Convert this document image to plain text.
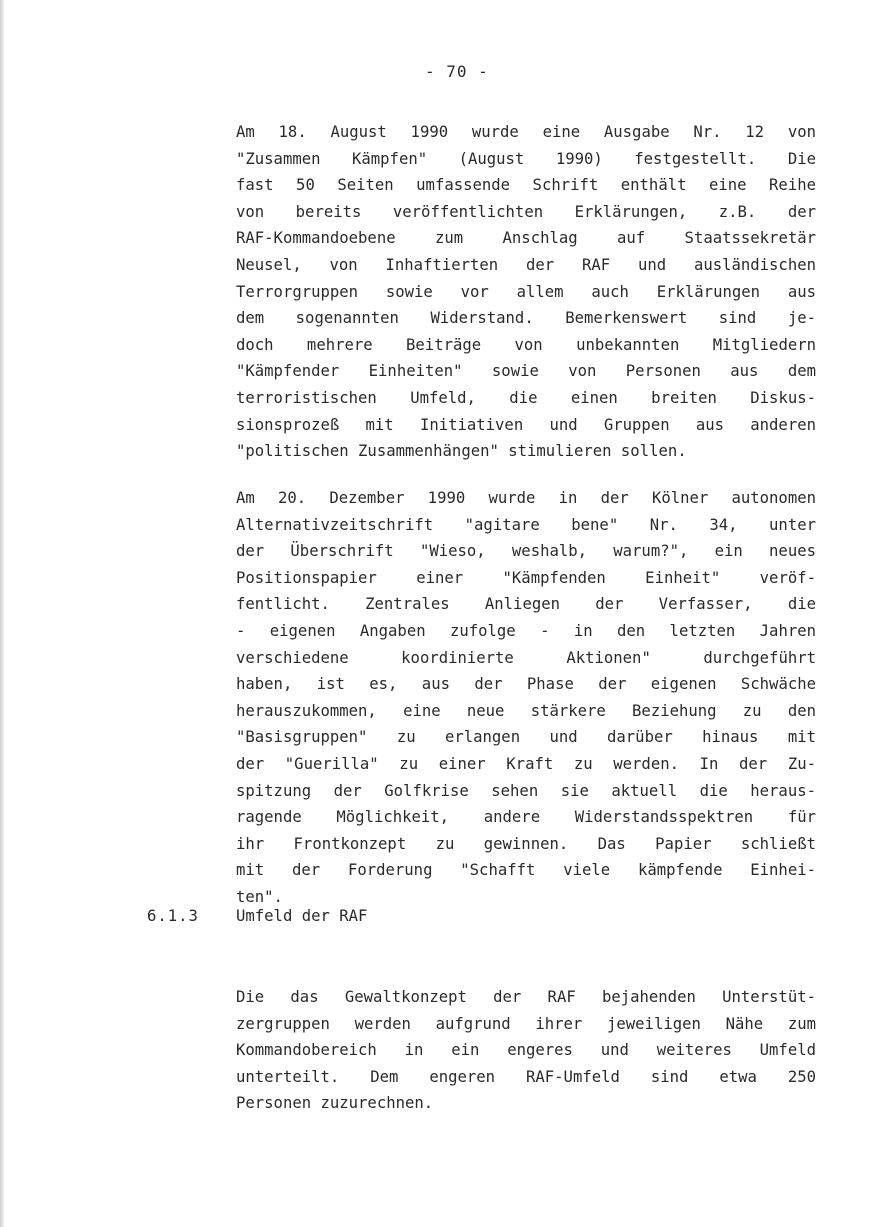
- 70 -
Am 18. August 1990 wurde eine Ausgabe Nr. 12 von
"Zusammen Kämpfen" (August 1990) festgestellt. Die
fast 50 Seiten umfassende Schrift enthält eine Reihe
von bereits veröffentlichten Erklärungen, z.B. der
RAF-Kommandoebene zum Anschlag auf Staatssekretär
Neusel, von Inhaftierten der RAF und ausländischen
Terrorgruppen sowie vor allem auch Erklärungen aus
dem sogenannten Widerstand. Bemerkenswert sind je-
doch mehrere Beiträge von unbekannten Mitgliedern
"Kämpfender Einheiten" sowie von Personen aus dem
terroristischen Umfeld, die einen breiten Diskus-
sionsprozeß mit Initiativen und Gruppen aus anderen
"politischen Zusammenhängen" stimulieren sollen.
Am 20. Dezember 1990 wurde in der Kölner autonomen
Alternativzeitschrift "agitare bene" Nr. 34, unter
der Überschrift "Wieso, weshalb, warum?", ein neues
Positionspapier einer "Kämpfenden Einheit" veröf-
fentlicht. Zentrales Anliegen der Verfasser, die
- eigenen Angaben zufolge - in den letzten Jahren
verschiedene koordinierte Aktionen" durchgeführt
haben, ist es, aus der Phase der eigenen Schwäche
herauszukommen, eine neue stärkere Beziehung zu den
"Basisgruppen" zu erlangen und darüber hinaus mit
der "Guerilla" zu einer Kraft zu werden. In der Zu-
spitzung der Golfkrise sehen sie aktuell die heraus-
ragende Möglichkeit, andere Widerstandsspektren für
ihr Frontkonzept zu gewinnen. Das Papier schließt
mit der Forderung "Schafft viele kämpfende Einhei-
ten".
6.1.3 Umfeld der RAF
Die das Gewaltkonzept der RAF bejahenden Unterstüt-
zergruppen werden aufgrund ihrer jeweiligen Nähe zum
Kommandobereich in ein engeres und weiteres Umfeld
unterteilt. Dem engeren RAF-Umfeld sind etwa 250
Personen zuzurechnen.
